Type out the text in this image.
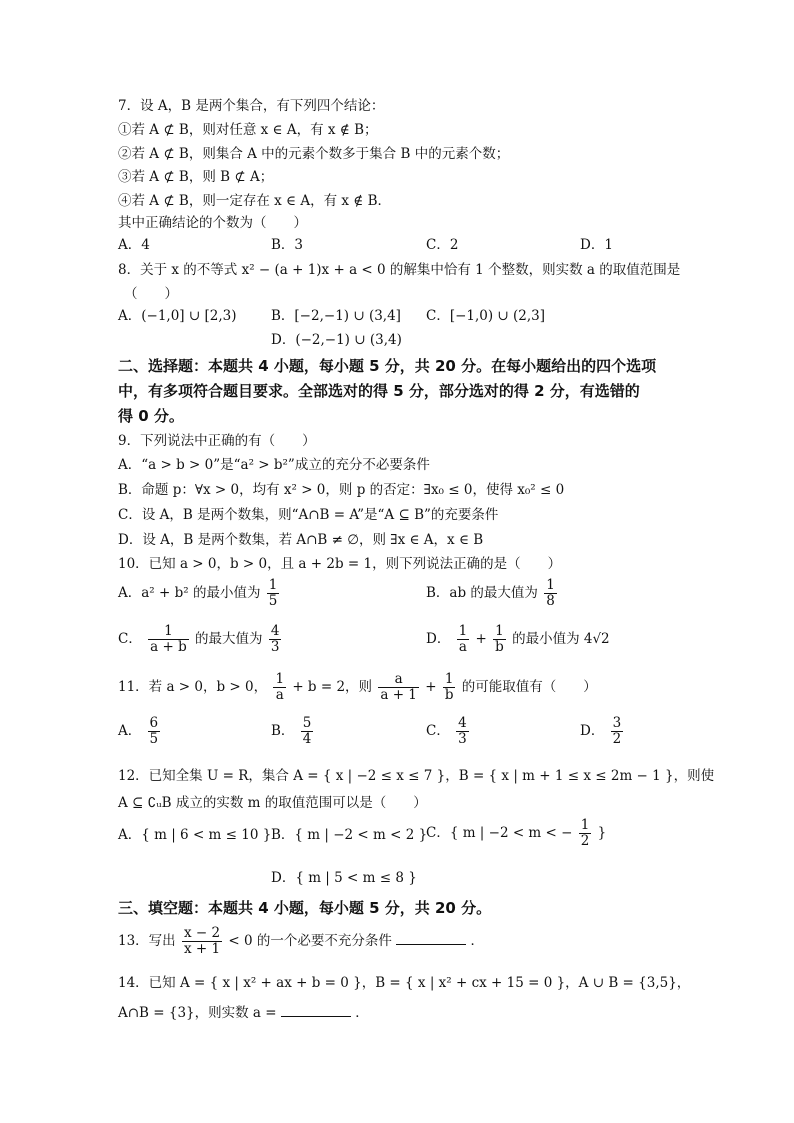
7．设 A，B 是两个集合，有下列四个结论：
①若 A ⊄ B，则对任意 x ∈ A，有 x ∉ B；
②若 A ⊄ B，则集合 A 中的元素个数多于集合 B 中的元素个数；
③若 A ⊄ B，则 B ⊄ A；
④若 A ⊄ B，则一定存在 x ∈ A，有 x ∉ B．
其中正确结论的个数为（　　）
A．4	B．3	C．2	D．1
8．关于 x 的不等式 x² − (a + 1)x + a < 0 的解集中恰有 1 个整数，则实数 a 的取值范围是
（　　）
A．(−1,0] ∪ [2,3)	B．[−2,−1) ∪ (3,4] C．[−1,0) ∪ (2,3]
D．(−2,−1) ∪ (3,4)
二、选择题：本题共 4 小题，每小题 5 分，共 20 分。在每小题给出的四个选项
中，有多项符合题目要求。全部选对的得 5 分，部分选对的得 2 分，有选错的
得 0 分。
9．下列说法中正确的有（　　）
A．“a > b > 0”是“a² > b²”成立的充分不必要条件
B．命题 p：∀x > 0，均有 x² > 0，则 p 的否定：∃x₀ ≤ 0，使得 x₀² ≤ 0
C．设 A，B 是两个数集，则“A∩B = A”是“A ⊆ B”的充要条件
D．设 A，B 是两个数集，若 A∩B ≠ ∅，则 ∃x ∈ A，x ∈ B
10．已知 a > 0，b > 0，且 a + 2b = 1，则下列说法正确的是（　　）
A．a² + b² 的最小值为 $\frac{1}{5}$	B．ab 的最大值为 $\frac{1}{8}$
C． $\frac{1}{a + b}$ 的最大值为 $\frac{4}{3}$	D． $\frac{1}{a} + \frac{1}{b}$ 的最小值为 4√2
11．若 a > 0，b > 0， $\frac{1}{a} + b = 2$，则 $\frac{a}{a + 1} + \frac{1}{b}$ 的可能取值有（　　）
A． $\frac{6}{5}$	B． $\frac{5}{4}$	C． $\frac{4}{3}$	D． $\frac{3}{2}$
12．已知全集 U = R，集合 A = { x | −2 ≤ x ≤ 7 }，B = { x | m + 1 ≤ x ≤ 2m − 1 }，则使
A ⊆ ∁ᵤB 成立的实数 m 的取值范围可以是（　　）
A．{ m | 6 < m ≤ 10 } B．{ m | −2 < m < 2 }
C．{ m | −2 < m < − $\frac{1}{2}$ }
D．{ m | 5 < m ≤ 8 }
三、填空题：本题共 4 小题，每小题 5 分，共 20 分。
13．写出 $\frac{x - 2}{x + 1} < 0$ 的一个必要不充分条件	．
14．已知 A = { x | x² + ax + b = 0 }，B = { x | x² + cx + 15 = 0 }，A ∪ B = {3,5}，
A∩B = {3}，则实数 a =	．
